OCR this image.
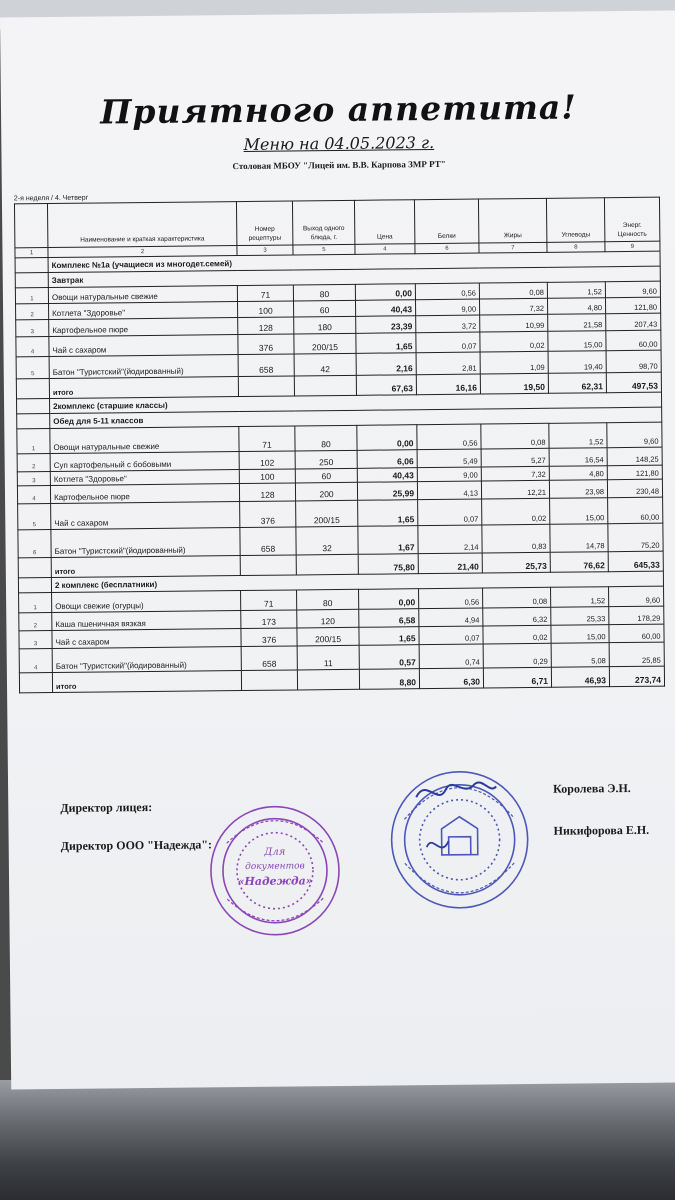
Приятного аппетита!
Меню на 04.05.2023 г.
Столовая МБОУ "Лицей им. В.В. Карпова ЗМР РТ"
2-я неделя / 4. Четверг
	Наименование и краткая характеристика	Номер рецептуры	Выход одного блюда, г.	Цена	Белки	Жиры	Углеводы	Энерг. Ценность
1	2	3	5	4	6	7	8	9
	Комплекс №1а (учащиеся из многодет.семей)							
	Завтрак							
1	Овощи натуральные свежие	71	80	0,00	0,56	0,08	1,52	9,60
2	Котлета "Здоровье"	100	60	40,43	9,00	7,32	4,80	121,80
3	Картофельное пюре	128	180	23,39	3,72	10,99	21,58	207,43
4	Чай с сахаром	376	200/15	1,65	0,07	0,02	15,00	60,00
5	Батон "Туристский"(йодированный)	658	42	2,16	2,81	1,09	19,40	98,70
	итого			67,63	16,16	19,50	62,31	497,53
	2комплекс (старшие классы)							
	Обед для 5-11 классов							
1	Овощи натуральные свежие	71	80	0,00	0,56	0,08	1,52	9,60
2	Суп картофельный с бобовыми	102	250	6,06	5,49	5,27	16,54	148,25
3	Котлета "Здоровье"	100	60	40,43	9,00	7,32	4,80	121,80
4	Картофельное пюре	128	200	25,99	4,13	12,21	23,98	230,48
5	Чай с сахаром	376	200/15	1,65	0,07	0,02	15,00	60,00
6	Батон "Туристский"(йодированный)	658	32	1,67	2,14	0,83	14,78	75,20
	итого			75,80	21,40	25,73	76,62	645,33
	2 комплекс (бесплатники)							
1	Овощи свежие (огурцы)	71	80	0,00	0,56	0,08	1,52	9,60
2	Каша пшеничная вязкая	173	120	6,58	4,94	6,32	25,33	178,29
3	Чай с сахаром	376	200/15	1,65	0,07	0,02	15,00	60,00
4	Батон "Туристский"(йодированный)	658	11	0,57	0,74	0,29	5,08	25,85
	итого			8,80	6,30	6,71	46,93	273,74
Директор лицея:
Королева Э.Н.
Директор ООО "Надежда":
Никифорова Е.Н.
Для
документов
«Надежда»
